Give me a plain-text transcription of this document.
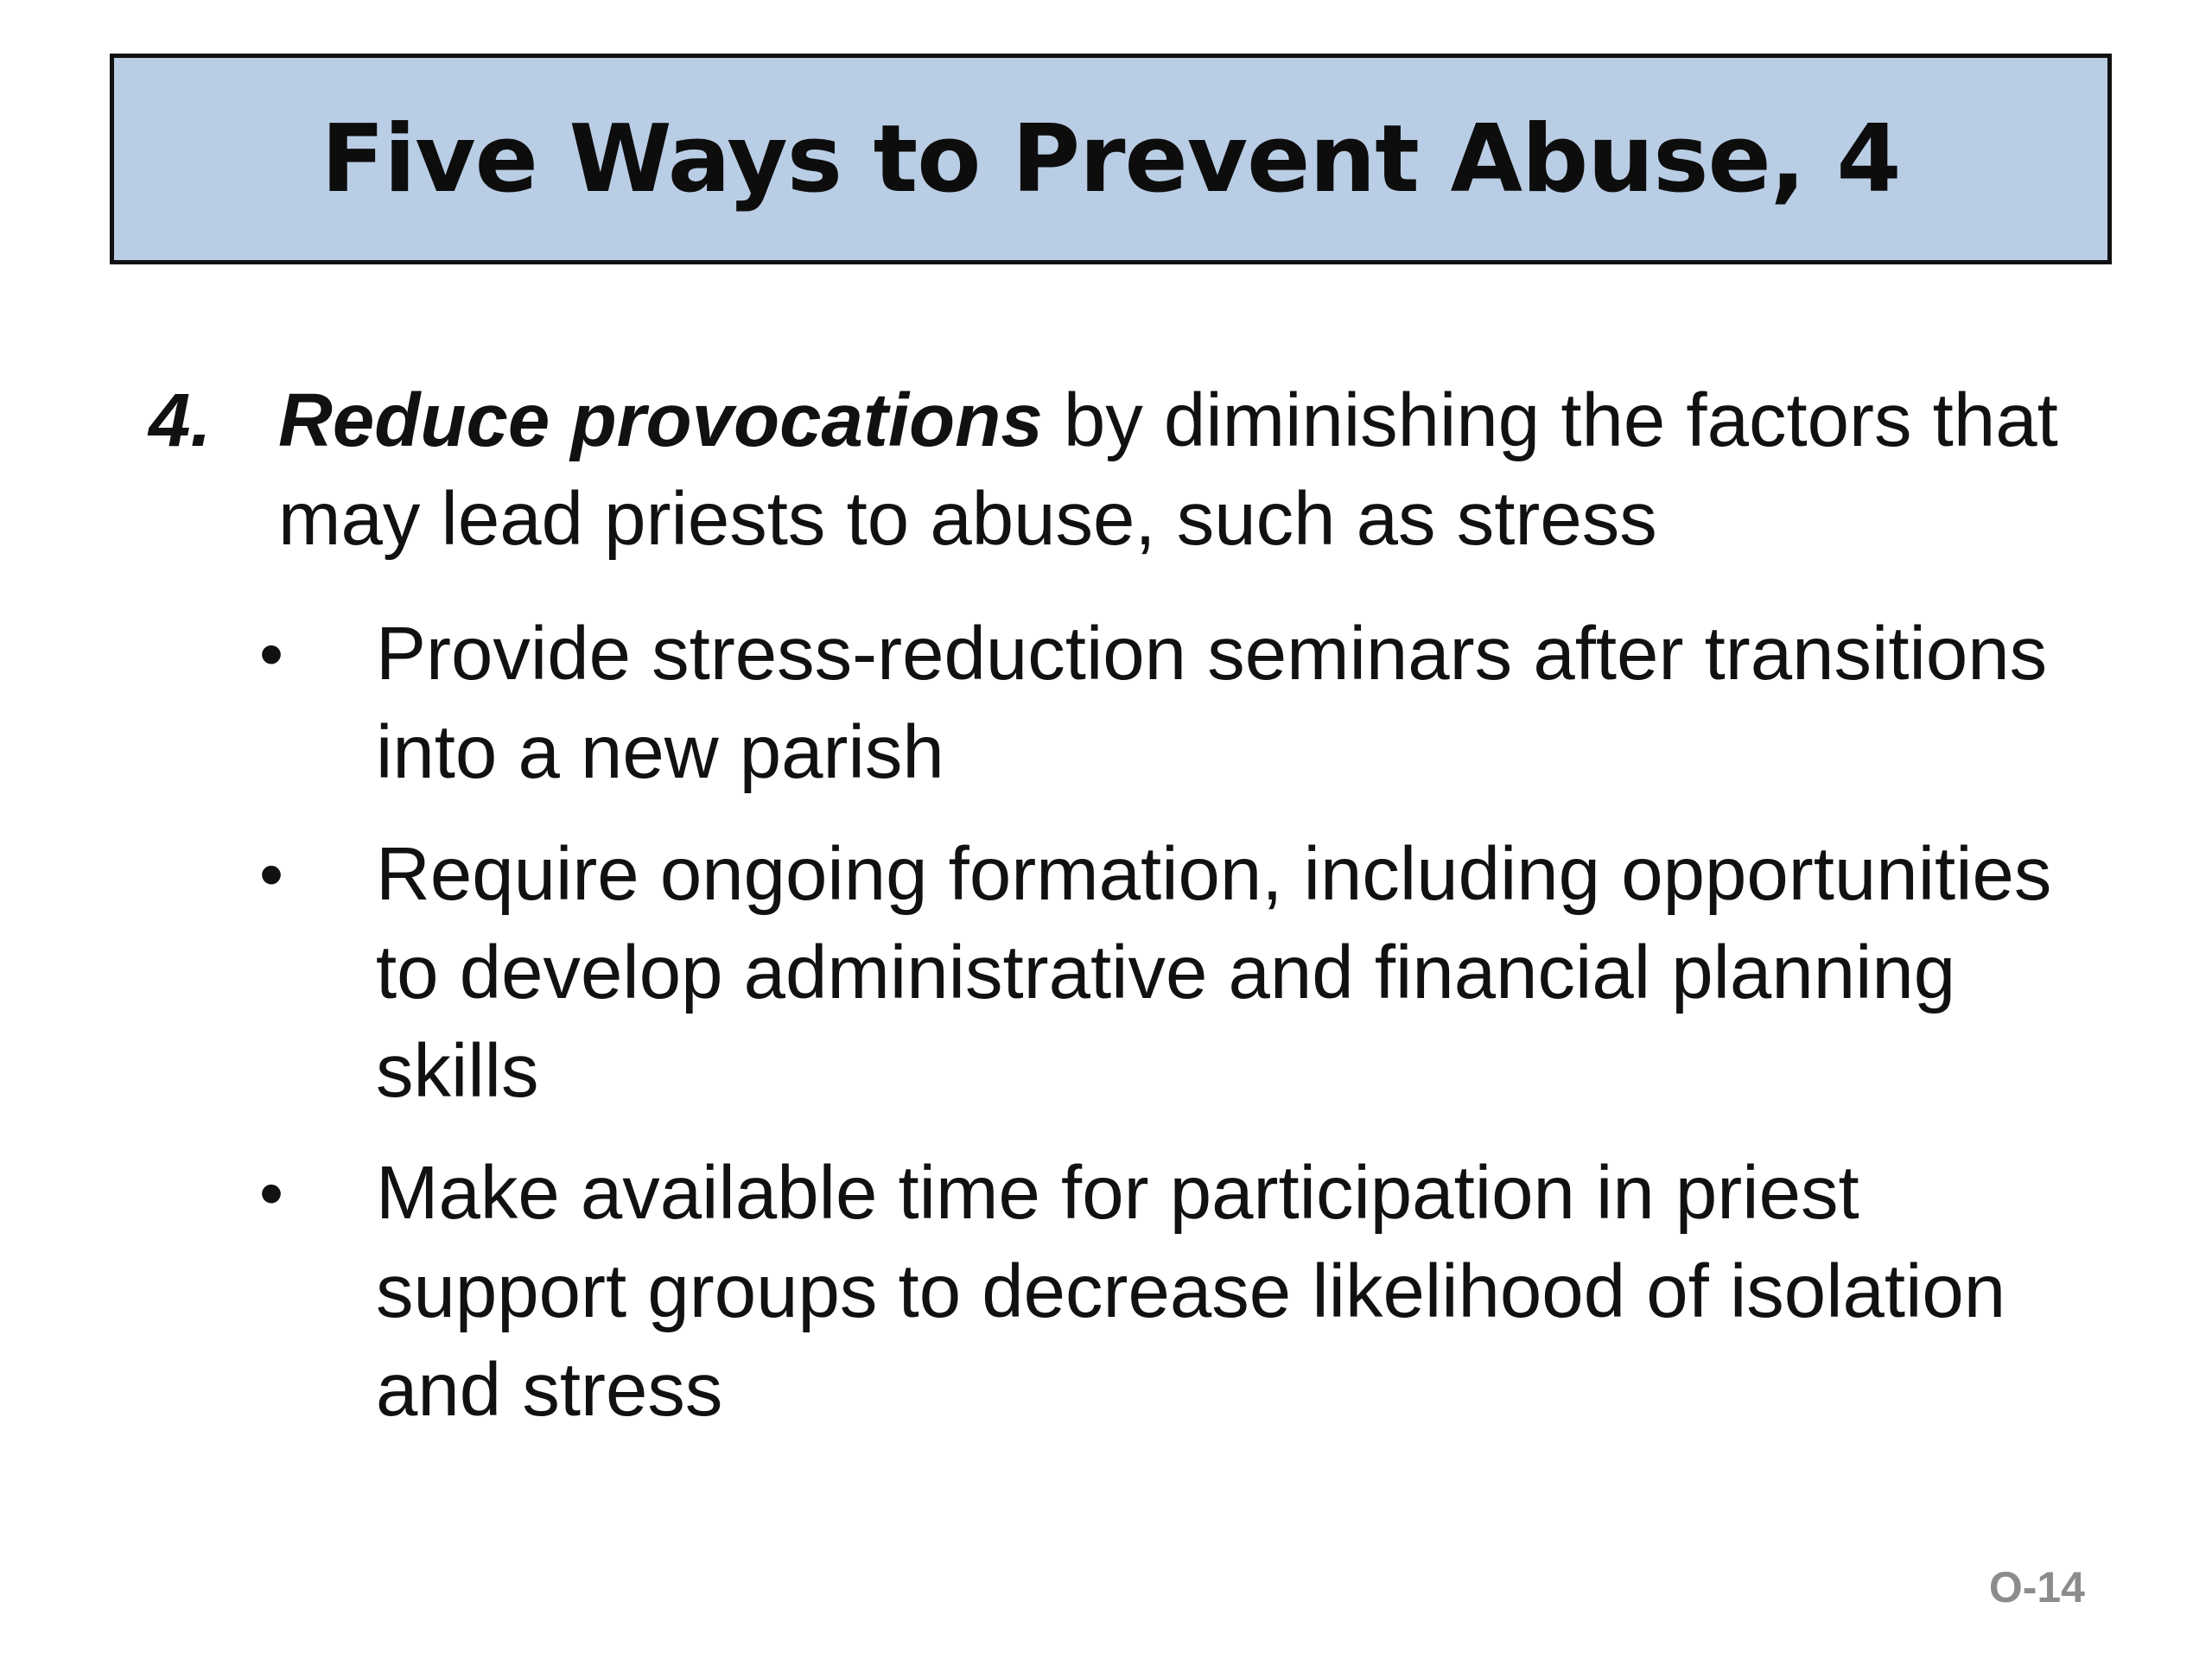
Five Ways to Prevent Abuse, 4
4. Reduce provocations by diminishing the factors that may lead priests to abuse, such as stress
•	Provide stress-reduction seminars after transitions into a new parish
•	Require ongoing formation, including opportunities to develop administrative and financial planning skills
•	Make available time for participation in priest support groups to decrease likelihood of isolation and stress
O-14
